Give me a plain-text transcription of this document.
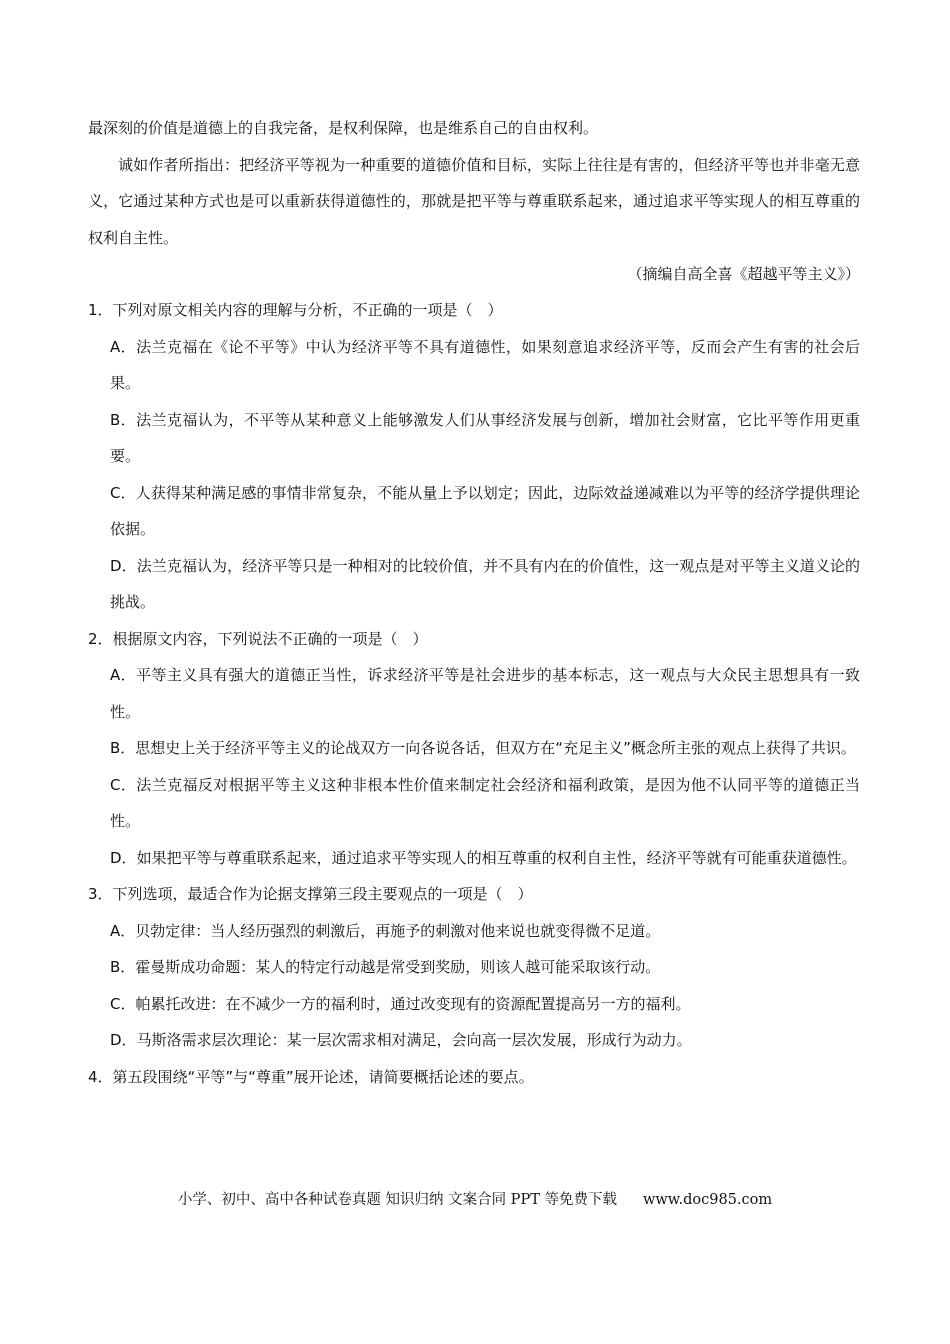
最深刻的价值是道德上的自我完备，是权利保障，也是维系自己的自由权利。

诚如作者所指出：把经济平等视为一种重要的道德价值和目标，实际上往往是有害的，但经济平等也并非毫无意义，它通过某种方式也是可以重新获得道德性的，那就是把平等与尊重联系起来，通过追求平等实现人的相互尊重的权利自主性。

（摘编自高全喜《超越平等主义》）

1．下列对原文相关内容的理解与分析，不正确的一项是（　）

A．法兰克福在《论不平等》中认为经济平等不具有道德性，如果刻意追求经济平等，反而会产生有害的社会后果。

B．法兰克福认为，不平等从某种意义上能够激发人们从事经济发展与创新，增加社会财富，它比平等作用更重要。

C．人获得某种满足感的事情非常复杂，不能从量上予以划定；因此，边际效益递减难以为平等的经济学提供理论依据。

D．法兰克福认为，经济平等只是一种相对的比较价值，并不具有内在的价值性，这一观点是对平等主义道义论的挑战。

2．根据原文内容，下列说法不正确的一项是（　）

A．平等主义具有强大的道德正当性，诉求经济平等是社会进步的基本标志，这一观点与大众民主思想具有一致性。

B．思想史上关于经济平等主义的论战双方一向各说各话，但双方在“充足主义”概念所主张的观点上获得了共识。

C．法兰克福反对根据平等主义这种非根本性价值来制定社会经济和福利政策，是因为他不认同平等的道德正当性。

D．如果把平等与尊重联系起来，通过追求平等实现人的相互尊重的权利自主性，经济平等就有可能重获道德性。

3．下列选项，最适合作为论据支撑第三段主要观点的一项是（　）

A．贝勃定律：当人经历强烈的刺激后，再施予的刺激对他来说也就变得微不足道。

B．霍曼斯成功命题：某人的特定行动越是常受到奖励，则该人越可能采取该行动。

C．帕累托改进：在不减少一方的福利时，通过改变现有的资源配置提高另一方的福利。

D．马斯洛需求层次理论：某一层次需求相对满足，会向高一层次发展，形成行为动力。

4．第五段围绕“平等”与“尊重”展开论述，请简要概括论述的要点。

小学、初中、高中各种试卷真题 知识归纳 文案合同 PPT 等免费下载 www.doc985.com
